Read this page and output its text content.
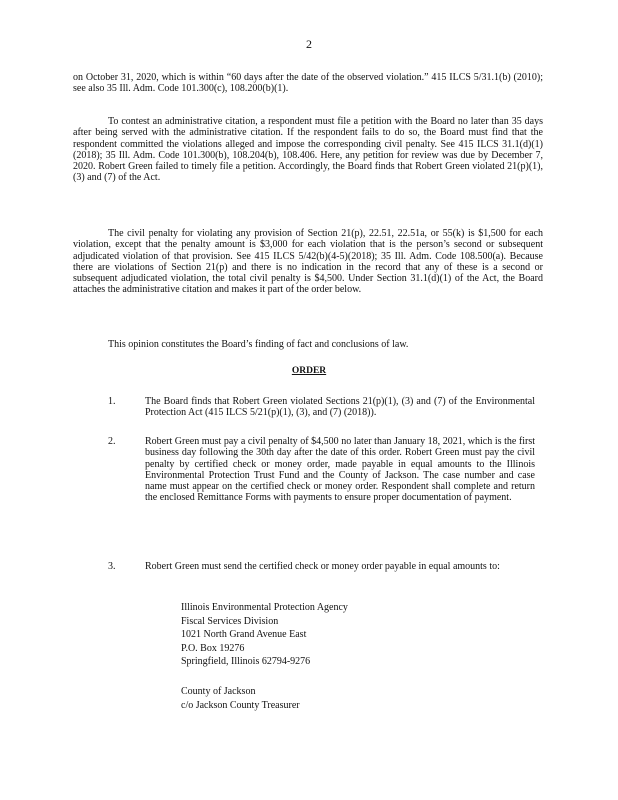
2

on October 31, 2020, which is within “60 days after the date of the observed violation.” 415 ILCS 5/31.1(b) (2010); see also 35 Ill. Adm. Code 101.300(c), 108.200(b)(1).

To contest an administrative citation, a respondent must file a petition with the Board no later than 35 days after being served with the administrative citation. If the respondent fails to do so, the Board must find that the respondent committed the violations alleged and impose the corresponding civil penalty. See 415 ILCS 31.1(d)(1) (2018); 35 Ill. Adm. Code 101.300(b), 108.204(b), 108.406. Here, any petition for review was due by December 7, 2020. Robert Green failed to timely file a petition. Accordingly, the Board finds that Robert Green violated 21(p)(1), (3) and (7) of the Act.

The civil penalty for violating any provision of Section 21(p), 22.51, 22.51a, or 55(k) is $1,500 for each violation, except that the penalty amount is $3,000 for each violation that is the person’s second or subsequent adjudicated violation of that provision. See 415 ILCS 5/42(b)(4-5)(2018); 35 Ill. Adm. Code 108.500(a). Because there are violations of Section 21(p) and there is no indication in the record that any of these is a second or subsequent adjudicated violation, the total civil penalty is $4,500. Under Section 31.1(d)(1) of the Act, the Board attaches the administrative citation and makes it part of the order below.

This opinion constitutes the Board’s finding of fact and conclusions of law.

ORDER
1.	The Board finds that Robert Green violated Sections 21(p)(1), (3) and (7) of the Environmental Protection Act (415 ILCS 5/21(p)(1), (3), and (7) (2018)).
2.	Robert Green must pay a civil penalty of $4,500 no later than January 18, 2021, which is the first business day following the 30th day after the date of this order. Robert Green must pay the civil penalty by certified check or money order, made payable in equal amounts to the Illinois Environmental Protection Trust Fund and the County of Jackson. The case number and case name must appear on the certified check or money order. Respondent shall complete and return the enclosed Remittance Forms with payments to ensure proper documentation of payment.
3.	Robert Green must send the certified check or money order payable in equal amounts to:
Illinois Environmental Protection Agency
Fiscal Services Division
1021 North Grand Avenue East
P.O. Box 19276
Springfield, Illinois 62794-9276
County of Jackson
c/o Jackson County Treasurer
